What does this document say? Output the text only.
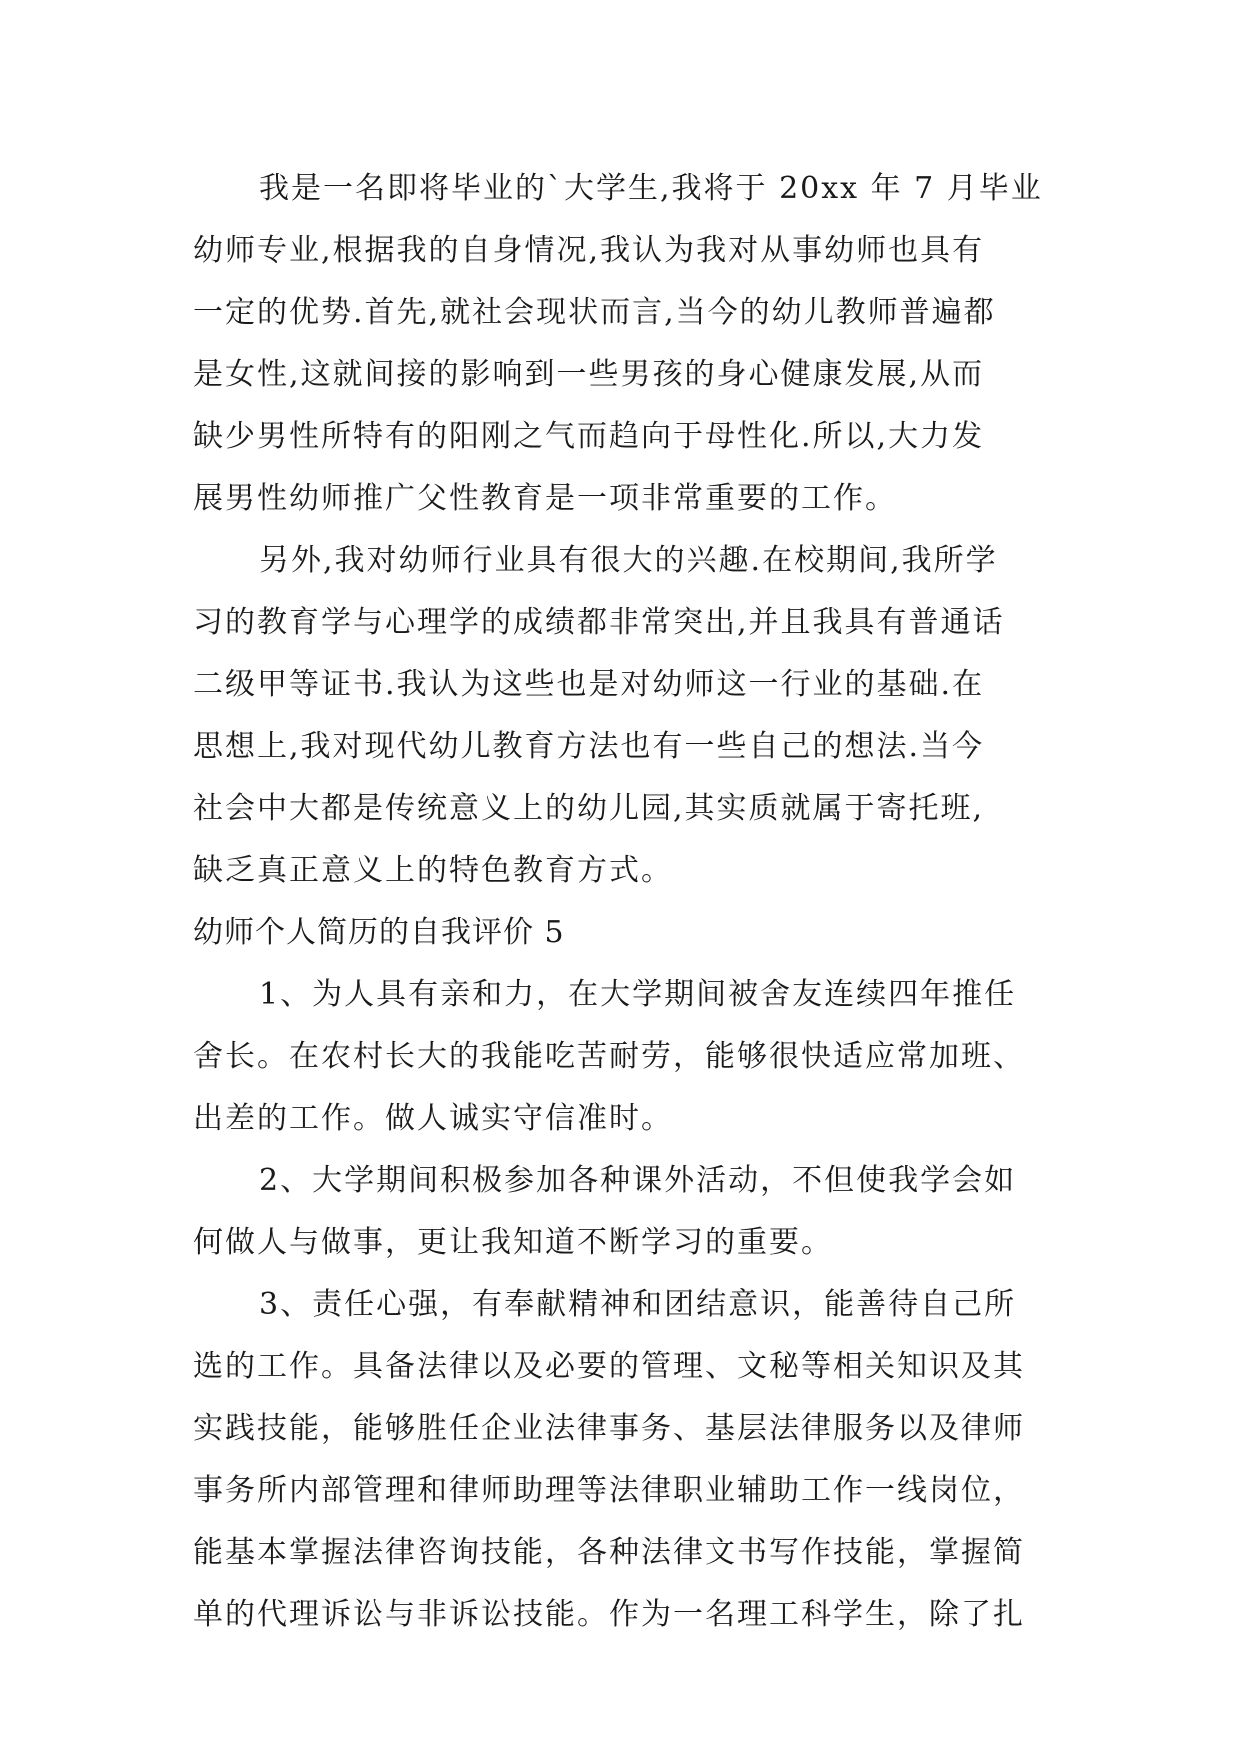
我是一名即将毕业的`大学生,我将于 20xx 年 7 月毕业
幼师专业,根据我的自身情况,我认为我对从事幼师也具有
一定的优势.首先,就社会现状而言,当今的幼儿教师普遍都
是女性,这就间接的影响到一些男孩的身心健康发展,从而
缺少男性所特有的阳刚之气而趋向于母性化.所以,大力发
展男性幼师推广父性教育是一项非常重要的工作。
另外,我对幼师行业具有很大的兴趣.在校期间,我所学
习的教育学与心理学的成绩都非常突出,并且我具有普通话
二级甲等证书.我认为这些也是对幼师这一行业的基础.在
思想上,我对现代幼儿教育方法也有一些自己的想法.当今
社会中大都是传统意义上的幼儿园,其实质就属于寄托班,
缺乏真正意义上的特色教育方式。
幼师个人简历的自我评价 5
1、为人具有亲和力，在大学期间被舍友连续四年推任
舍长。在农村长大的我能吃苦耐劳，能够很快适应常加班、
出差的工作。做人诚实守信准时。
2、大学期间积极参加各种课外活动，不但使我学会如
何做人与做事，更让我知道不断学习的重要。
3、责任心强，有奉献精神和团结意识，能善待自己所
选的工作。具备法律以及必要的管理、文秘等相关知识及其
实践技能，能够胜任企业法律事务、基层法律服务以及律师
事务所内部管理和律师助理等法律职业辅助工作一线岗位，
能基本掌握法律咨询技能，各种法律文书写作技能，掌握简
单的代理诉讼与非诉讼技能。作为一名理工科学生，除了扎
